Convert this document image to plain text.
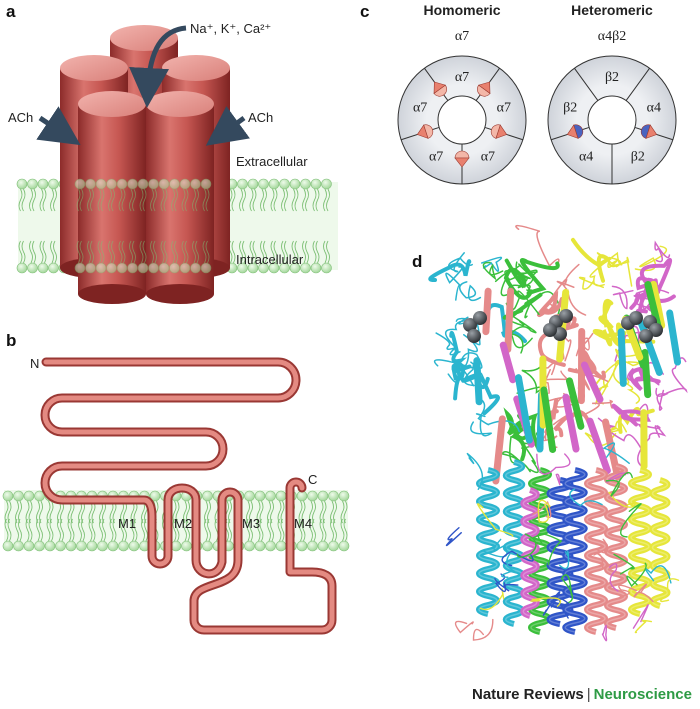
a
Na⁺, K⁺, Ca²⁺
ACh	ACh
Extracellular
Intracellular
b
N
C
M1	M2	M3	M4
c	Homomeric
α7
Heteromeric
α4β2
α7
α7
α7
α7
α7
β2
α4
β2
α4
β2
d
Nature Reviews | Neuroscience
